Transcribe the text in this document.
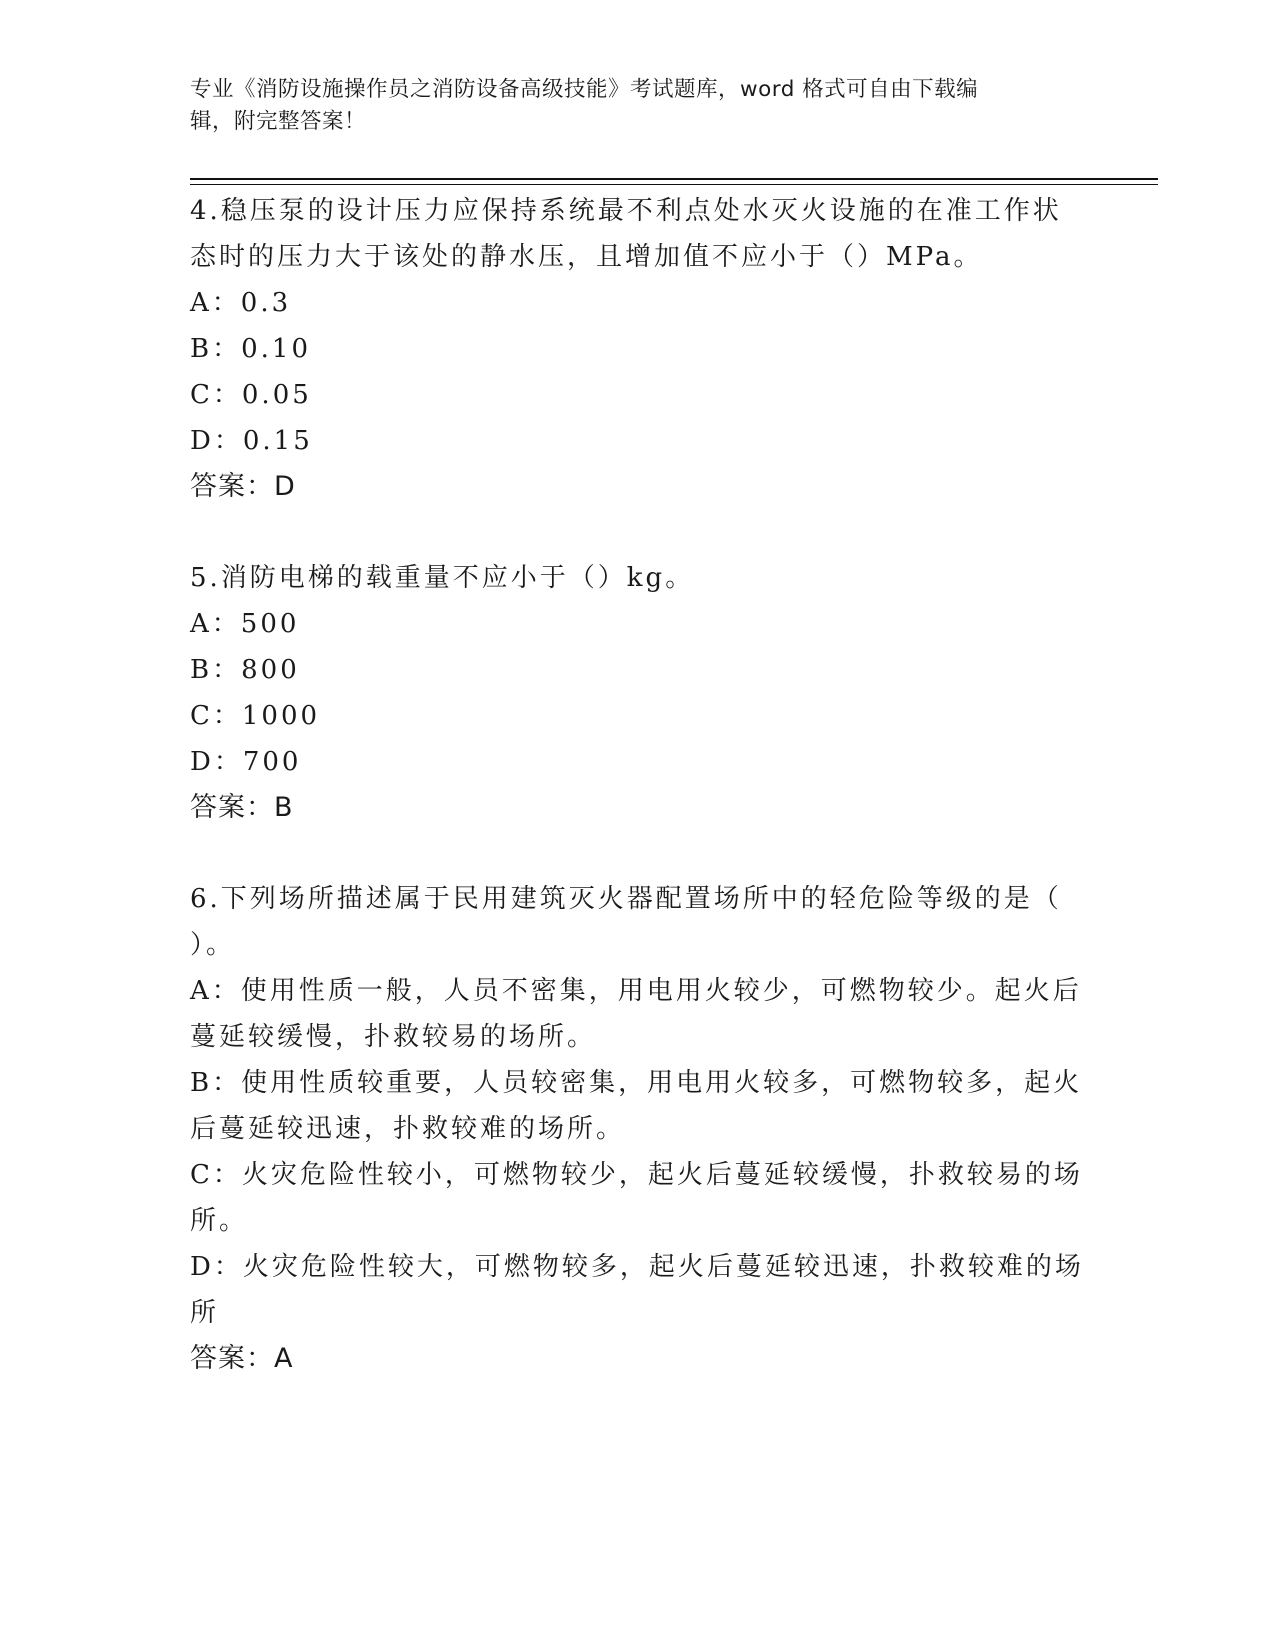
专业《消防设施操作员之消防设备高级技能》考试题库，word 格式可自由下载编
辑，附完整答案！
4.稳压泵的设计压力应保持系统最不利点处水灭火设施的在准工作状
态时的压力大于该处的静水压，且增加值不应小于（）MPa。
A：0.3
B：0.10
C：0.05
D：0.15
答案：D
5.消防电梯的载重量不应小于（）kg。
A：500
B：800
C：1000
D：700
答案：B
6.下列场所描述属于民用建筑灭火器配置场所中的轻危险等级的是（
）。
A：使用性质一般，人员不密集，用电用火较少，可燃物较少。起火后
蔓延较缓慢，扑救较易的场所。
B：使用性质较重要，人员较密集，用电用火较多，可燃物较多，起火
后蔓延较迅速，扑救较难的场所。
C：火灾危险性较小，可燃物较少，起火后蔓延较缓慢，扑救较易的场
所。
D：火灾危险性较大，可燃物较多，起火后蔓延较迅速，扑救较难的场
所
答案：A
